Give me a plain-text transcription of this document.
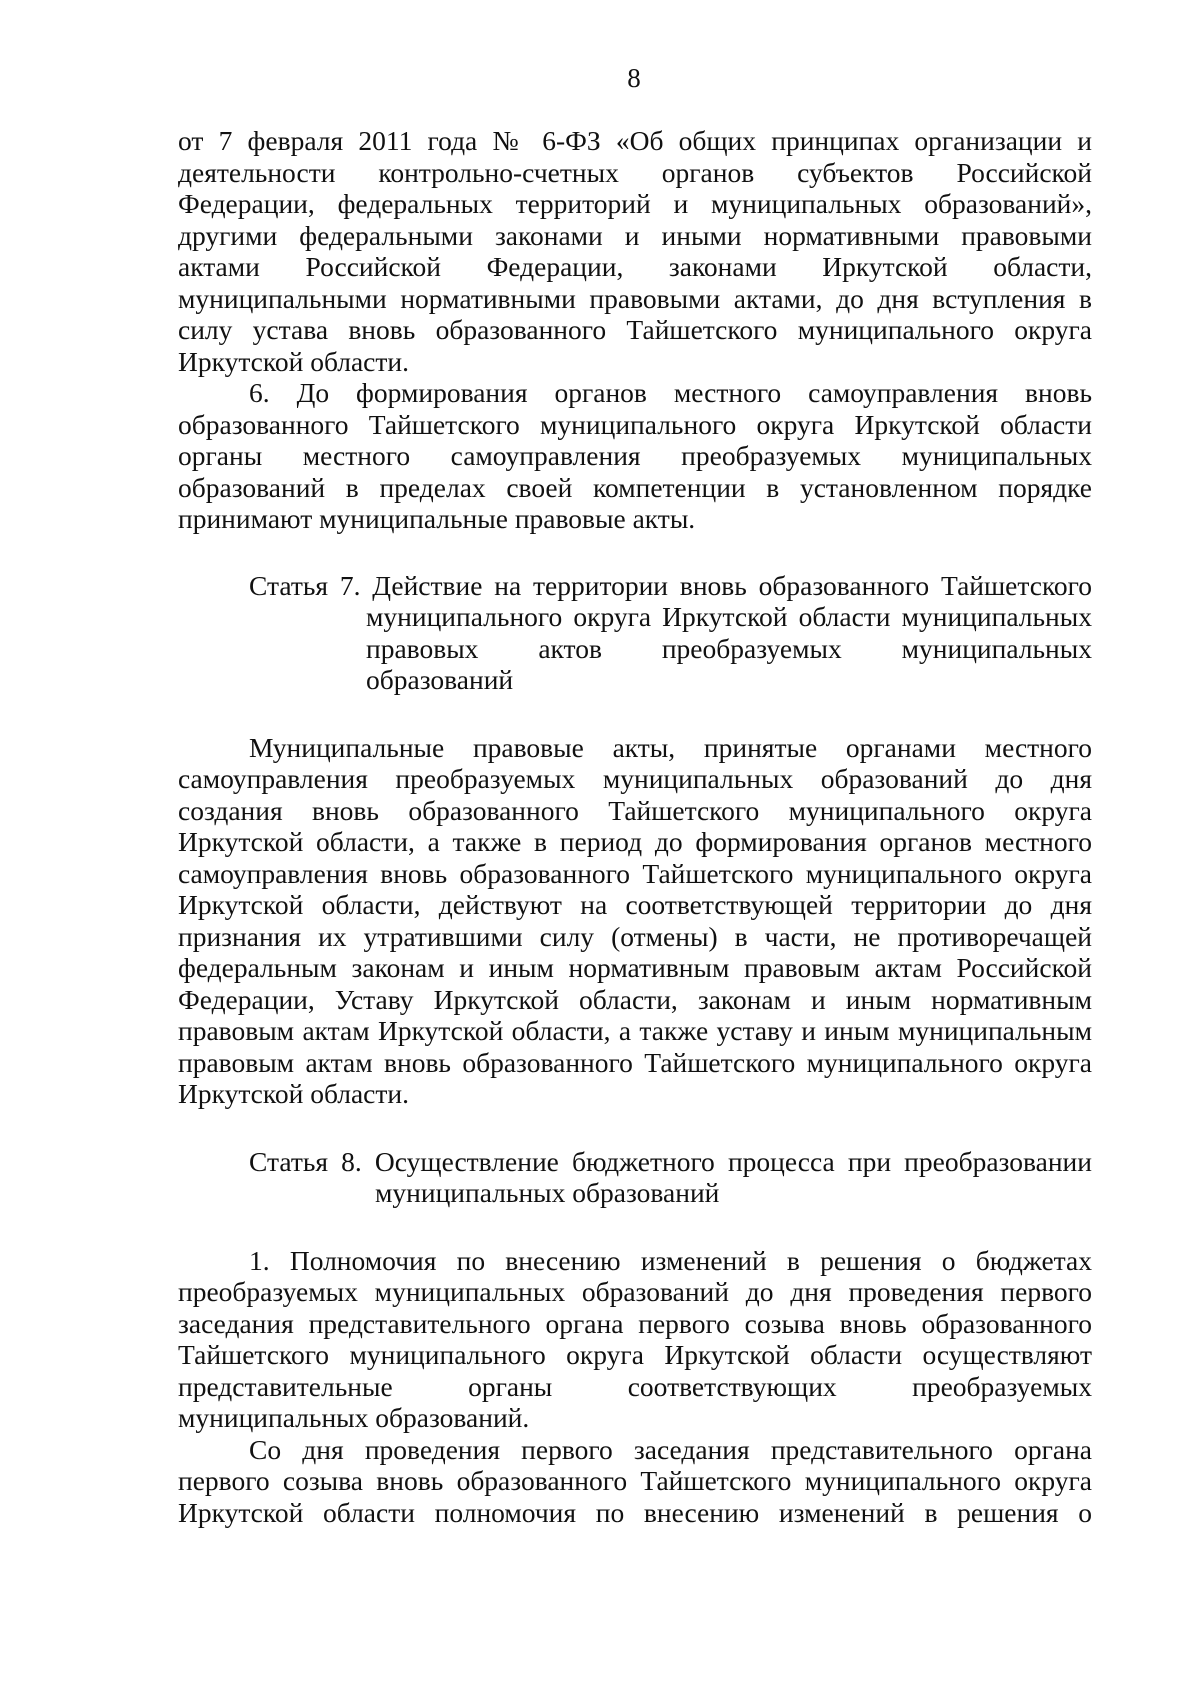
8
от 7 февраля 2011 года № 6-ФЗ «Об общих принципах организации и
деятельности контрольно-счетных органов субъектов Российской
Федерации, федеральных территорий и муниципальных образований»,
другими федеральными законами и иными нормативными правовыми
актами Российской Федерации, законами Иркутской области,
муниципальными нормативными правовыми актами, до дня вступления в
силу устава вновь образованного Тайшетского муниципального округа
Иркутской области.
6. До формирования органов местного самоуправления вновь
образованного Тайшетского муниципального округа Иркутской области
органы местного самоуправления преобразуемых муниципальных
образований в пределах своей компетенции в установленном порядке
принимают муниципальные правовые акты.
Статья 7. Действие на территории вновь образованного Тайшетского
муниципального округа Иркутской области муниципальных
правовых актов преобразуемых муниципальных
образований
Муниципальные правовые акты, принятые органами местного
самоуправления преобразуемых муниципальных образований до дня
создания вновь образованного Тайшетского муниципального округа
Иркутской области, а также в период до формирования органов местного
самоуправления вновь образованного Тайшетского муниципального округа
Иркутской области, действуют на соответствующей территории до дня
признания их утратившими силу (отмены) в части, не противоречащей
федеральным законам и иным нормативным правовым актам Российской
Федерации, Уставу Иркутской области, законам и иным нормативным
правовым актам Иркутской области, а также уставу и иным муниципальным
правовым актам вновь образованного Тайшетского муниципального округа
Иркутской области.
Статья 8. Осуществление бюджетного процесса при преобразовании
муниципальных образований
1. Полномочия по внесению изменений в решения о бюджетах
преобразуемых муниципальных образований до дня проведения первого
заседания представительного органа первого созыва вновь образованного
Тайшетского муниципального округа Иркутской области осуществляют
представительные органы соответствующих преобразуемых
муниципальных образований.
Со дня проведения первого заседания представительного органа
первого созыва вновь образованного Тайшетского муниципального округа
Иркутской области полномочия по внесению изменений в решения о
